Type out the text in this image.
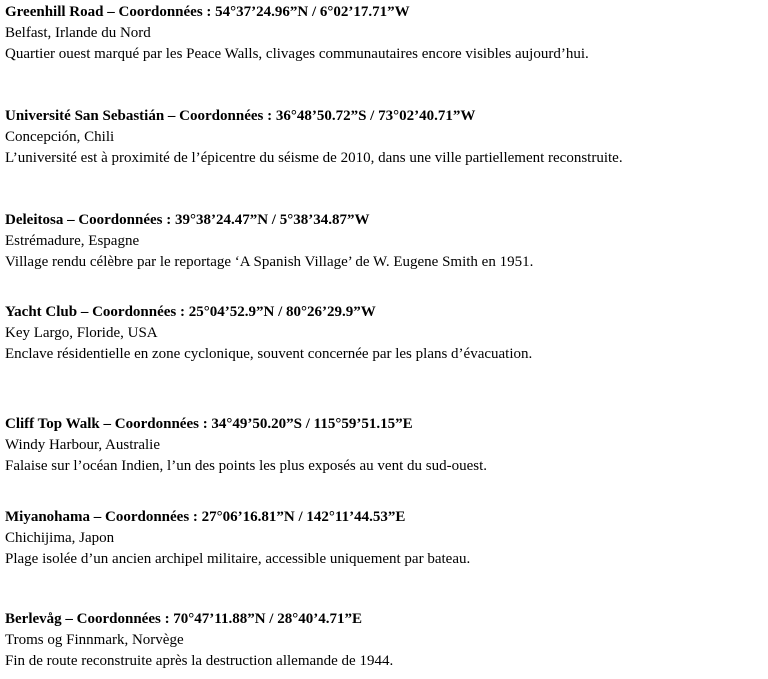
Greenhill Road – Coordonnées : 54°37’24.96”N / 6°02’17.71”W
Belfast, Irlande du Nord
Quartier ouest marqué par les Peace Walls, clivages communautaires encore visibles aujourd’hui.
Université San Sebastián – Coordonnées : 36°48’50.72”S / 73°02’40.71”W
Concepción, Chili
L’université est à proximité de l’épicentre du séisme de 2010, dans une ville partiellement reconstruite.
Deleitosa – Coordonnées : 39°38’24.47”N / 5°38’34.87”W
Estrémadure, Espagne
Village rendu célèbre par le reportage ‘A Spanish Village’ de W. Eugene Smith en 1951.
Yacht Club – Coordonnées : 25°04’52.9”N / 80°26’29.9”W
Key Largo, Floride, USA
Enclave résidentielle en zone cyclonique, souvent concernée par les plans d’évacuation.
Cliff Top Walk – Coordonnées : 34°49’50.20”S / 115°59’51.15”E
Windy Harbour, Australie
Falaise sur l’océan Indien, l’un des points les plus exposés au vent du sud-ouest.
Miyanohama – Coordonnées : 27°06’16.81”N / 142°11’44.53”E
Chichijima, Japon
Plage isolée d’un ancien archipel militaire, accessible uniquement par bateau.
Berlevåg – Coordonnées : 70°47’11.88”N / 28°40’4.71”E
Troms og Finnmark, Norvège
Fin de route reconstruite après la destruction allemande de 1944.
